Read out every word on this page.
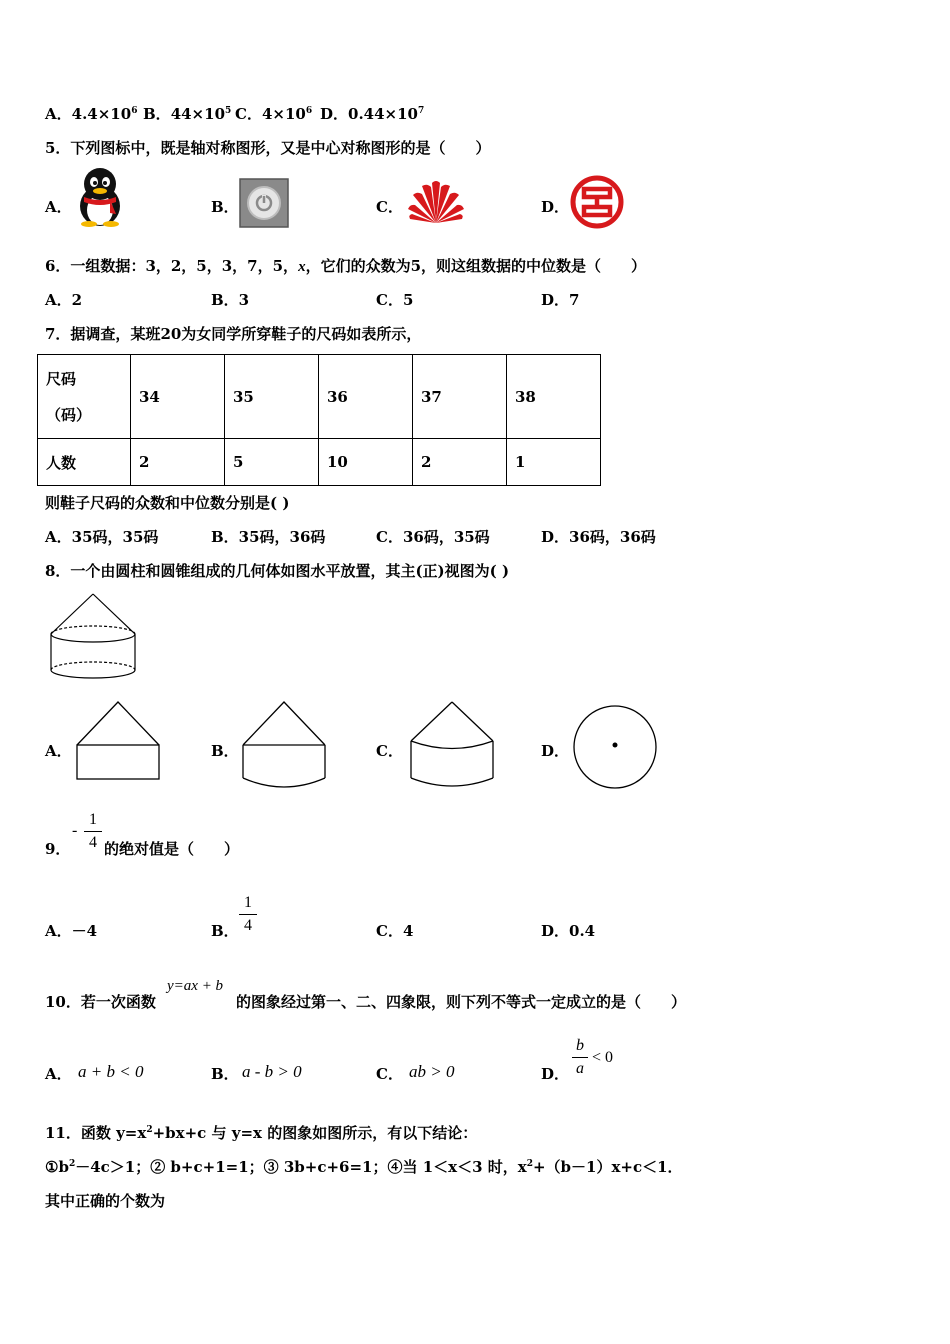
A．$4.4\times 10^6$ B．$44\times 10^5$ C．$4\times 10^6$ D．$0.44\times 10^7$
5．下列图标中，既是轴对称图形，又是中心对称图形的是（　　）
A．	B．	C．	D．
6．一组数据：3，2，5，3，7，5，x，它们的众数为5，则这组数据的中位数是（　　）
A．2	B．3	C．5	D．7
7．据调查，某班20为女同学所穿鞋子的尺码如表所示，
尺码
（码）	34	35	36	37	38
人数	2	5	10	2	1
则鞋子尺码的众数和中位数分别是( )
A．35码，35码	B．35码，36码	C．36码，35码	D．36码，36码
8．一个由圆柱和圆锥组成的几何体如图水平放置，其主(正)视图为( )
A．	B．	C．	D．
9．
-
1
4 的绝对值是（　　）
A．－4	B．
1
4	C．4	D．0.4
10．若一次函数
y=ax + b
的图象经过第一、二、四象限，则下列不等式一定成立的是（　　）
A． a + b < 0	B． a - b > 0	C． ab > 0	D．
b
a
< 0
11．函数 $y=x^2+bx+c$ 与 y=x 的图象如图所示，有以下结论：
$①b^2-4c>1$；② b+c+1=1；③ 3b+c+6=1；④当 1＜x＜3 时，$x^2+(b-1)x+c<1$．
其中正确的个数为
